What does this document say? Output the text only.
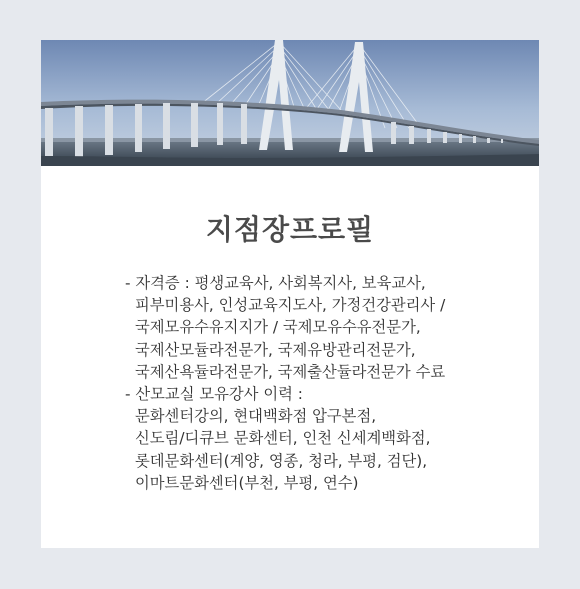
지점장프로필
- 자격증 : 평생교육사, 사회복지사, 보육교사,
피부미용사, 인성교육지도사, 가정건강관리사 /
국제모유수유지지가 / 국제모유수유전문가,
국제산모듈라전문가, 국제유방관리전문가,
국제산욕듈라전문가, 국제출산듈라전문가 수료
- 산모교실 모유강사 이력 :
문화센터강의, 현대백화점 압구본점,
신도림/디큐브 문화센터, 인천 신세계백화점,
롯데문화센터(계양, 영종, 청라, 부평, 검단),
이마트문화센터(부천, 부평, 연수)
